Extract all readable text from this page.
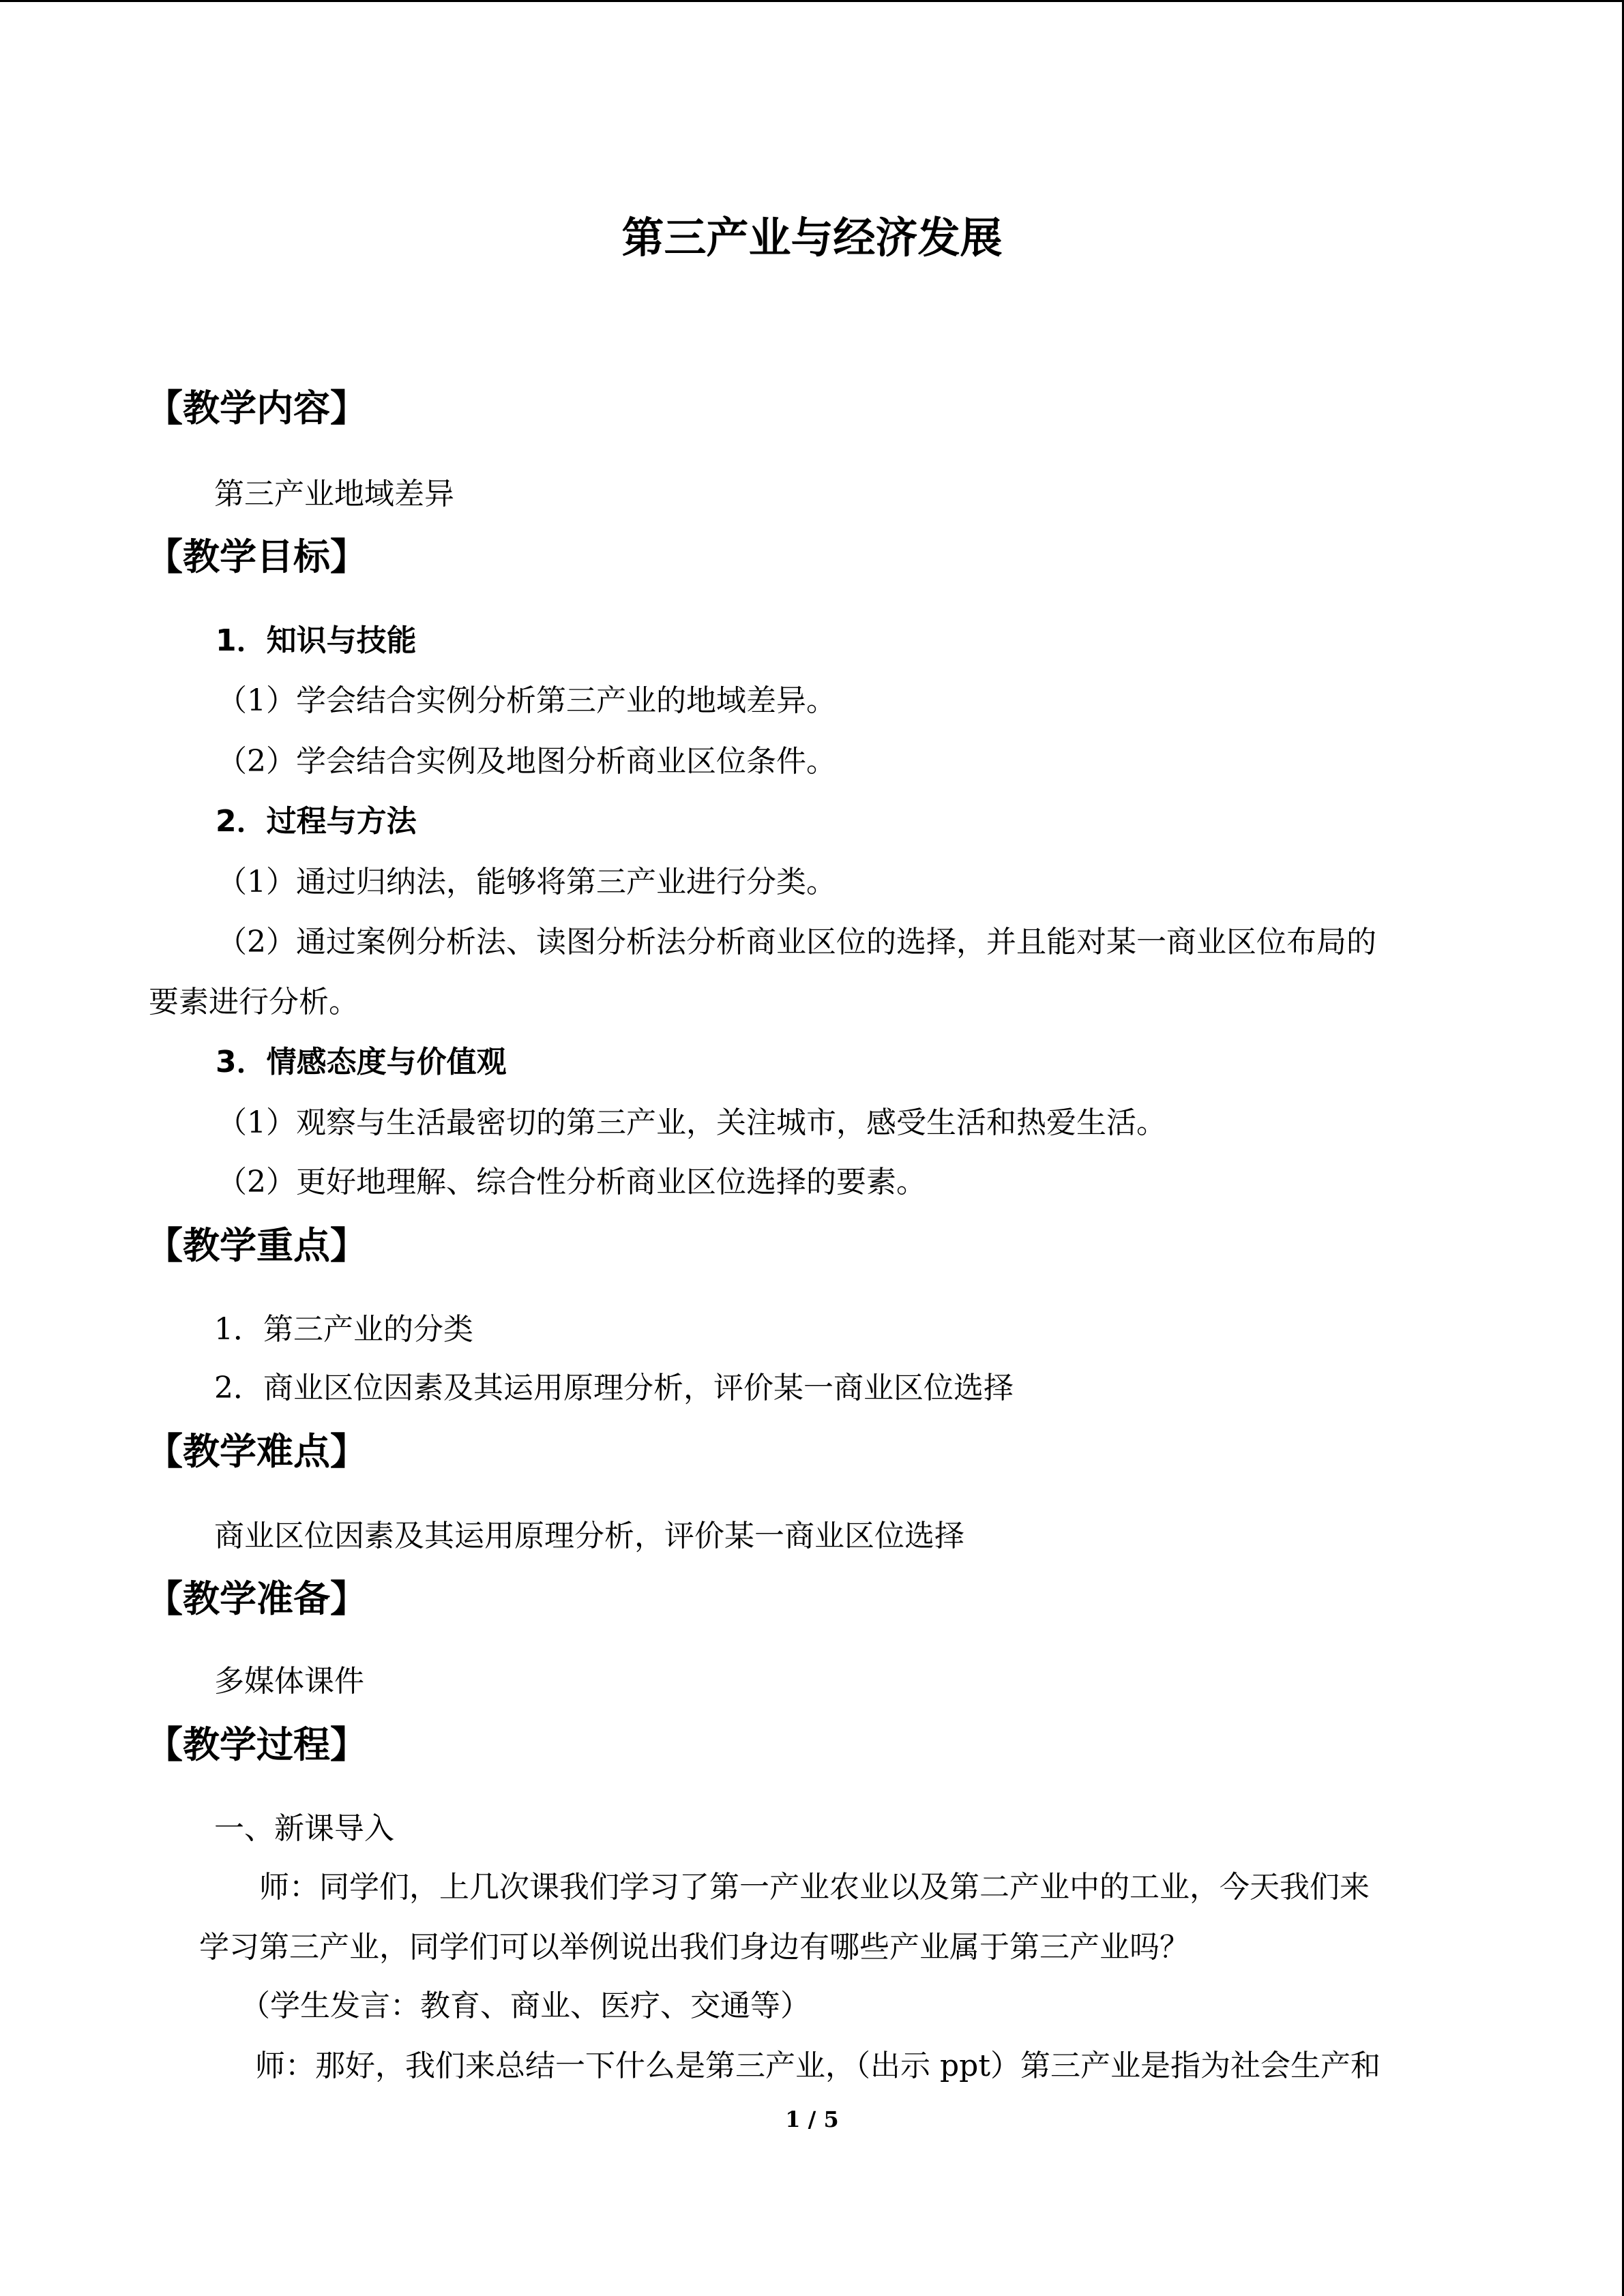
第三产业与经济发展
【教学内容】
第三产业地域差异
【教学目标】
1．知识与技能
（1）学会结合实例分析第三产业的地域差异。
（2）学会结合实例及地图分析商业区位条件。
2．过程与方法
（1）通过归纳法，能够将第三产业进行分类。
（2）通过案例分析法、读图分析法分析商业区位的选择，并且能对某一商业区位布局的
要素进行分析。
3．情感态度与价值观
（1）观察与生活最密切的第三产业，关注城市，感受生活和热爱生活。
（2）更好地理解、综合性分析商业区位选择的要素。
【教学重点】
1．第三产业的分类
2．商业区位因素及其运用原理分析，评价某一商业区位选择
【教学难点】
商业区位因素及其运用原理分析，评价某一商业区位选择
【教学准备】
多媒体课件
【教学过程】
一、新课导入
师：同学们，上几次课我们学习了第一产业农业以及第二产业中的工业，今天我们来
学习第三产业，同学们可以举例说出我们身边有哪些产业属于第三产业吗？
（学生发言：教育、商业、医疗、交通等）
师：那好，我们来总结一下什么是第三产业，（出示 ppt）第三产业是指为社会生产和
1 / 5
